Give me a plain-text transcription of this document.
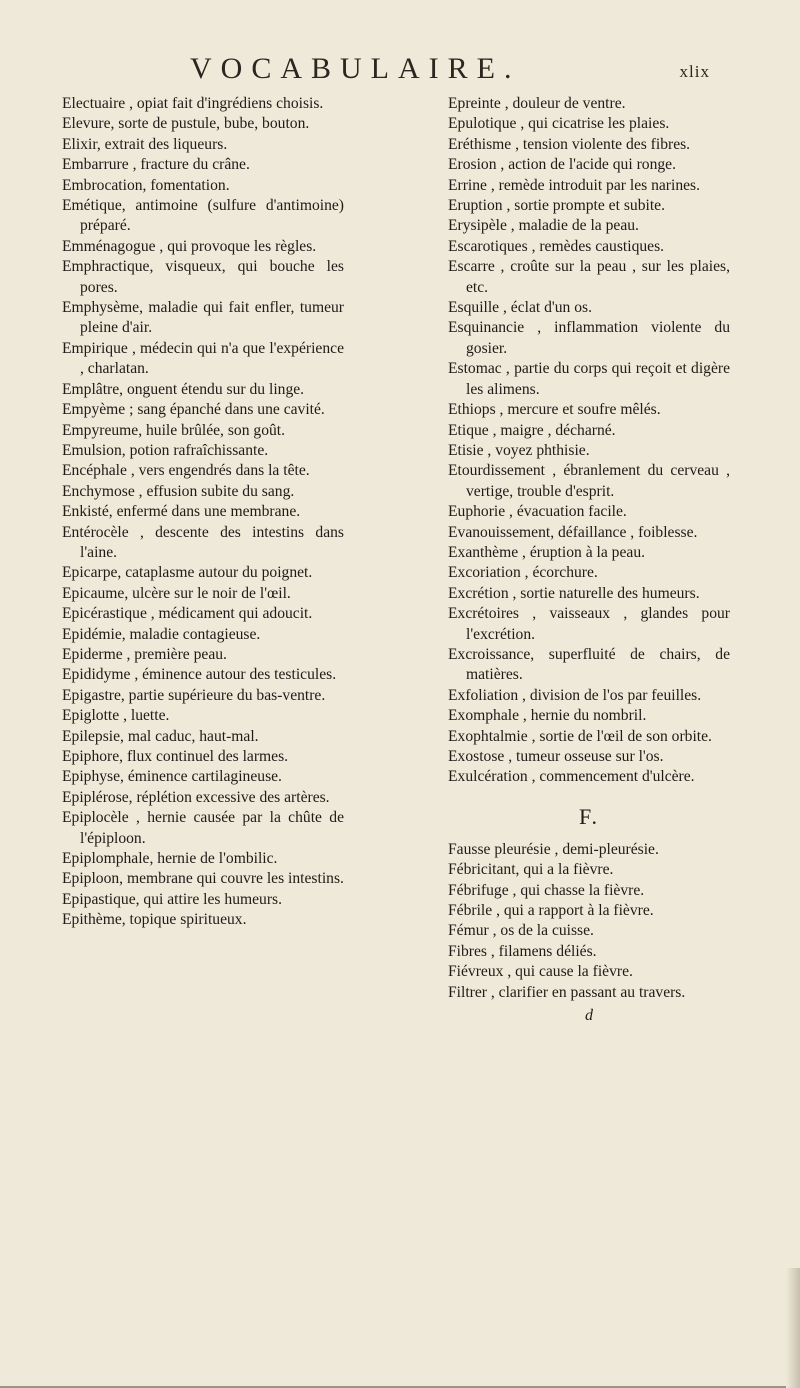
VOCABULAIRE.	xlix

Electuaire , opiat fait d'ingrédiens choisis.

Elevure, sorte de pustule, bube, bouton.

Elixir, extrait des liqueurs.

Embarrure , fracture du crâne.

Embrocation, fomentation.

Emétique, antimoine (sulfure d'antimoine) préparé.

Emménagogue , qui provoque les règles.

Emphractique, visqueux, qui bouche les pores.

Emphysème, maladie qui fait enfler, tumeur pleine d'air.

Empirique , médecin qui n'a que l'expérience , charlatan.

Emplâtre, onguent étendu sur du linge.

Empyème ; sang épanché dans une cavité.

Empyreume, huile brûlée, son goût.

Emulsion, potion rafraîchissante.

Encéphale , vers engendrés dans la tête.

Enchymose , effusion subite du sang.

Enkisté, enfermé dans une membrane.

Entérocèle , descente des intestins dans l'aine.

Epicarpe, cataplasme autour du poignet.

Epicaume, ulcère sur le noir de l'œil.

Epicérastique , médicament qui adoucit.

Epidémie, maladie contagieuse.

Epiderme , première peau.

Epididyme , éminence autour des testicules.

Epigastre, partie supérieure du bas-ventre.

Epiglotte , luette.

Epilepsie, mal caduc, haut-mal.

Epiphore, flux continuel des larmes.

Epiphyse, éminence cartilagineuse.

Epiplérose, réplétion excessive des artères.

Epiplocèle , hernie causée par la chûte de l'épiploon.

Epiplomphale, hernie de l'ombilic.

Epiploon, membrane qui couvre les intestins.

Epipastique, qui attire les humeurs.

Epithème, topique spiritueux.

Epreinte , douleur de ventre.

Epulotique , qui cicatrise les plaies.

Eréthisme , tension violente des fibres.

Erosion , action de l'acide qui ronge.

Errine , remède introduit par les narines.

Eruption , sortie prompte et subite.

Erysipèle , maladie de la peau.

Escarotiques , remèdes caustiques.

Escarre , croûte sur la peau , sur les plaies, etc.

Esquille , éclat d'un os.

Esquinancie , inflammation violente du gosier.

Estomac , partie du corps qui reçoit et digère les alimens.

Ethiops , mercure et soufre mêlés.

Etique , maigre , décharné.

Etisie , voyez phthisie.

Etourdissement , ébranlement du cerveau , vertige, trouble d'esprit.

Euphorie , évacuation facile.

Evanouissement, défaillance , foiblesse.

Exanthème , éruption à la peau.

Excoriation , écorchure.

Excrétion , sortie naturelle des humeurs.

Excrétoires , vaisseaux , glandes pour l'excrétion.

Excroissance, superfluité de chairs, de matières.

Exfoliation , division de l'os par feuilles.

Exomphale , hernie du nombril.

Exophtalmie , sortie de l'œil de son orbite.

Exostose , tumeur osseuse sur l'os.

Exulcération , commencement d'ulcère.

F.

Fausse pleurésie , demi-pleurésie.

Fébricitant, qui a la fièvre.

Fébrifuge , qui chasse la fièvre.

Fébrile , qui a rapport à la fièvre.

Fémur , os de la cuisse.

Fibres , filamens déliés.

Fiévreux , qui cause la fièvre.

Filtrer , clarifier en passant au travers.

d
